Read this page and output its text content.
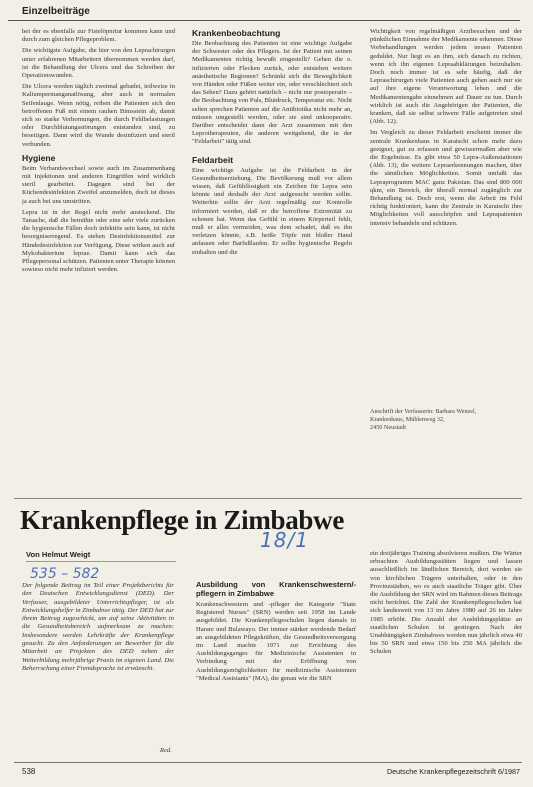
Einzelbeiträge

bei der es ebenfalls zur Fistelöpnrtur kommen kann und durch zum gleichen Pflegeproblem.

Die wichtigste Aufgabe, die hier von den Leprachirurgen unter erfahrenen Mitarbeitern übernommen werden darf, ist die Behandlung der Ulcera und das Schreiben der Operationswunden.

Die Ulcera werden täglich zweimal gebadet, teilweise in Kaliumpermanganatlösung, aber auch in normalen Seifenlauge. Wenn nötig, reiben die Patienten sich den betroffenen Fuß mit einem rauhen Bimsstein ab, damit sich so starke Verhornungen, die durch Fehlbelastungen oder Durchblutungsstörungen entstanden sind, zu beseitigen. Dann wird die Wunde desinfiziert und steril verbunden.

Hygiene

Beim Verbandswechsel sowie auch im Zusammenhang mit Injektionen und anderen Eingriffen wird wirklich steril gearbeitet. Dagegen sind bei der Küchendesinfektion Zweifel anzumelden, doch ist dieses ja auch bei uns umstritten.

Lepra ist in der Regel nicht mehr ansteckend. Die Tatsache, daß die bemühte oder eine sehr viele zurücken die hygienische Fällen doch infektiös sein kann, ist nicht besorgniserregend. Es stehen Desinfektionsmittel zur Händedesinfektion zur Verfügung. Diese wirken auch auf Mykobakterium leprae. Damit kann sich das Pflegepersonal schützen. Patienten unter Therapie können sowieso nicht mehr infiziert werden.

Krankenbeobachtung

Die Beobachtung des Patienten ist eine wichtige Aufgabe der Schwester oder des Pflegers. Ist der Patient mit seinen Medikamenten richtig bewußt eingestellt? Gehen die o. infizierten oder Flecken zurück, oder entstehen weitere anästhetische Regionen? Schränkt sich die Beweglichkeit von Händen oder Füßen weiter ein, oder verschlechtert sich das Sehen? Dazu gehört natürlich – nicht nur postoperativ – die Beobachtung von Puls, Blutdruck, Temperatur etc. Nicht selten sprechen Patienten auf die Antibiotika nicht mehr an, müssen umgestellt werden, oder sie sind unkooperativ. Darüber entscheidet dann der Arzt zusammen mit den Leprotherapeuten, die anderen weitgehend, die in der "Feldarbeit" tätig sind.

Feldarbeit

Eine wichtige Aufgabe ist die Feldarbeit in der Gesundheitserziehung. Die Bevölkerung muß vor allem wissen, daß Gefühllosigkeit ein Zeichen für Lepra sein könnte und deshalb der Arzt aufgesucht werden sollte. Weiterhin sollte der Arzt regelmäßig zur Kontrolle informiert werden, daß er die betroffene Extremität zu schonen hat. Wenn das Gefühl in einem Körperteil fehlt, muß er alles vermeiden, was dem schadet, daß es ihn verletzen könnte, z.B. heiße Töpfe mit bloßer Hand anfassen oder Barfußlaufen. Er sollte hygienische Regeln einhalten und die

Wichtigkeit von regelmäßigen Arztbesuchen und der pünktlichen Einnahme der Medikamente erkennen. Diese Vorbehandlungen werden jedem neuen Patienten geduldet. Nur liegt es an ihm, sich danach zu richten, wenn ich ihn eigenen Lepraabklärungen beizuhalten. Doch noch immer ist es sehr häufig, daß der Lepraschirurgen viele Patienten auch gehen auch nur sie auf ihre eigene Verantwortung leben und die Medikamentengabe einnehmen auf Dauer zu tun. Durch wirklich ist auch die Angehörigen der Patienten, die kranken, daß sie selbst schwere Fälle aufgetreten sind (Abb. 12).

Im Vergleich zu dieser Feldarbeit erscheint immer die zentrale Krankenhaus in Karatschi schon mehr dazu geeignet, gut zu erfassen und gewissermaßen aber wie die Ergebnisse. Es gibt etwa 50 Lepra-Außenstationen (Abb. 13), die weitere Lepraerkennungen machen, über die sämtlichen Möglichkeiten. Somit umfaßt das Lepraprogramm MAC ganz Pakistan. Das sind 800 000 qkm, ein Bereich, der überall normal zugänglich zur Behandlung ist. Doch erst, wenn die Arbeit im Feld richtig funktioniert, kann die Zentrale in Karatschi ihre Möglichkeiten voll ausschöpfen und Leprapatienten intensiv behandeln und schützen.

Anschrift der Verfasserin: Barbara Wenzel,

Krankenhaus, Mühlenweg 32,

2450 Neustadt

Krankenpflege in Zimbabwe
18/1
Von Helmut Weigt
535 – 582
Der folgende Beitrag im Teil einer Projektberichts für den Deutschen Entwicklungsdienst (DED). Der Verfasser, ausgebildeter Unterrichtspfleger, ist als Entwicklungshelfer in Zimbabwe tätig. Der DED hat zur ihrem Beitrag zugeschickt, um auf seine Aktivitäten in die Gesundheitsbereich aufmerksam zu machen: Insbesondere werden Lehrkräfte der Krankenpflege gesucht. Zu den Anforderungen an Bewerber für die Mitarbeit an Projekten des DED neben der Weiterbildung mehrjährige Praxis im eigenen Land. Die Beherrschung einer Fremdsprache ist erwünscht.
Red.
Ausbildung von Krankenschwestern/-pflegern in Zimbabwe

Krankenschwestern und -pfleger der Kategorie "State Registered Nurses" (SRN) werden seit 1958 im Lande ausgebildet. Die Krankenpflegeschulen liegen damals in Harare und Bulawayo. Der immer stärker werdende Bedarf an ausgebildeten Pflegekräften, die Gesundheitsversorgung im Land machte 1971 zur Errichtung des Ausbildungsganges für Medizinische Assistenten in Verbindung mit der Eröffnung von Ausbildungsmöglichkeiten für medizinische Assistenten "Medical Assistants" (MA), die genau wie die SRN

ein dreijähriges Training absolvieren mußten. Die Wärter erbrachten Ausbildungsstätten liegen und lassen ausschließlich im ländlichen Bereich, dort werden sie von kirchlichen Trägern unterhalten, oder in den Provinzstädten, wo es auch staatliche Träger gibt. Über die Ausbildung der SRN wird im Rahmen dieses Beitrags nicht berichtet. Die Zahl der Krankenpflegeschulen hat sich landesweit von 13 im Jahre 1980 auf 26 im Jahre 1985 erhöht. Die Anzahl der Ausbildungsplätze an staatlichen Schulen ist gestiegen. Nach der Unabhängigkeit Zimbabwes werden nun jährlich etwa 40 bis 50 SRN und etwa 150 bis 250 MA jährlich die Schulen

538	Deutsche Krankenpflegezeitschrift 6/1987
